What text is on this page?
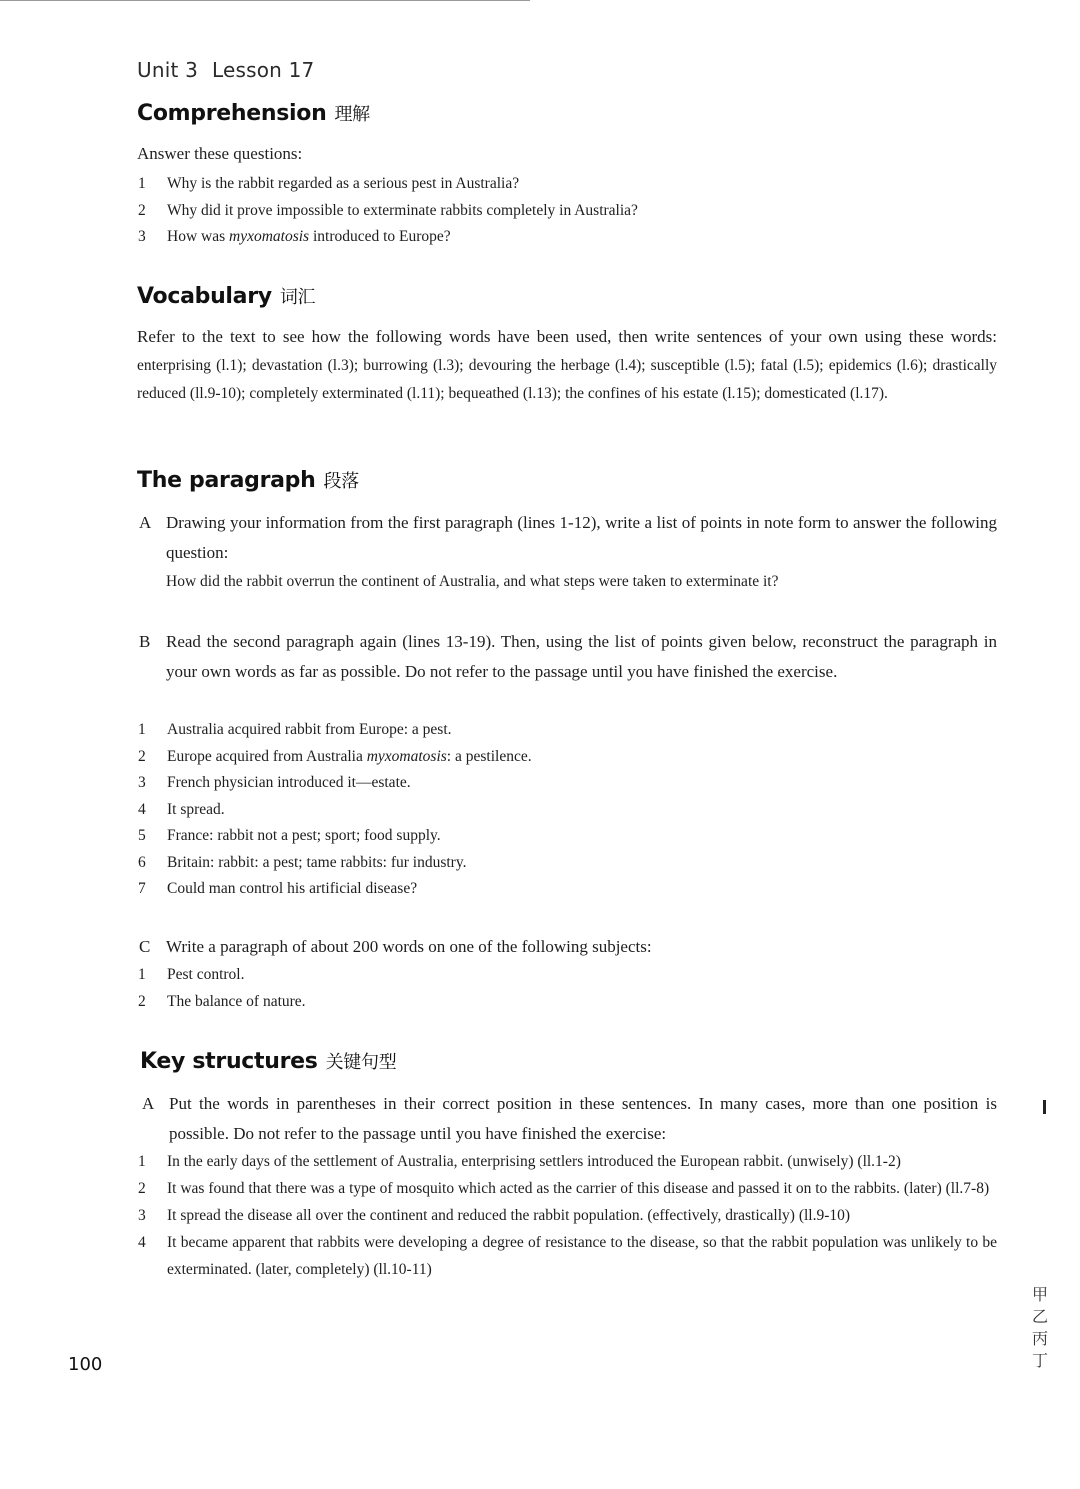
Unit 3 Lesson 17
Comprehension 理解
Answer these questions:
1 Why is the rabbit regarded as a serious pest in Australia?
2 Why did it prove impossible to exterminate rabbits completely in Australia?
3 How was myxomatosis introduced to Europe?
Vocabulary 词汇
Refer to the text to see how the following words have been used, then write sentences of your own using these words: enterprising (l.1); devastation (l.3); burrowing (l.3); devouring the herbage (l.4); susceptible (l.5); fatal (l.5); epidemics (l.6); drastically reduced (ll.9-10); completely exterminated (l.11); bequeathed (l.13); the confines of his estate (l.15); domesticated (l.17).
The paragraph 段落
A Drawing your information from the first paragraph (lines 1-12), write a list of points in note form to answer the following question:
How did the rabbit overrun the continent of Australia, and what steps were taken to exterminate it?
B Read the second paragraph again (lines 13-19). Then, using the list of points given below, reconstruct the paragraph in your own words as far as possible. Do not refer to the passage until you have finished the exercise.
1 Australia acquired rabbit from Europe: a pest.
2 Europe acquired from Australia myxomatosis: a pestilence.
3 French physician introduced it—estate.
4 It spread.
5 France: rabbit not a pest; sport; food supply.
6 Britain: rabbit: a pest; tame rabbits: fur industry.
7 Could man control his artificial disease?
C Write a paragraph of about 200 words on one of the following subjects:
1 Pest control.
2 The balance of nature.
Key structures 关键句型
A Put the words in parentheses in their correct position in these sentences. In many cases, more than one position is possible. Do not refer to the passage until you have finished the exercise:
1 In the early days of the settlement of Australia, enterprising settlers introduced the European rabbit. (unwisely) (ll.1-2)
2 It was found that there was a type of mosquito which acted as the carrier of this disease and passed it on to the rabbits. (later) (ll.7-8)
3 It spread the disease all over the continent and reduced the rabbit population. (effectively, drastically) (ll.9-10)
4 It became apparent that rabbits were developing a degree of resistance to the disease, so that the rabbit population was unlikely to be exterminated. (later, completely) (ll.10-11)
100
甲
乙
丙
丁
